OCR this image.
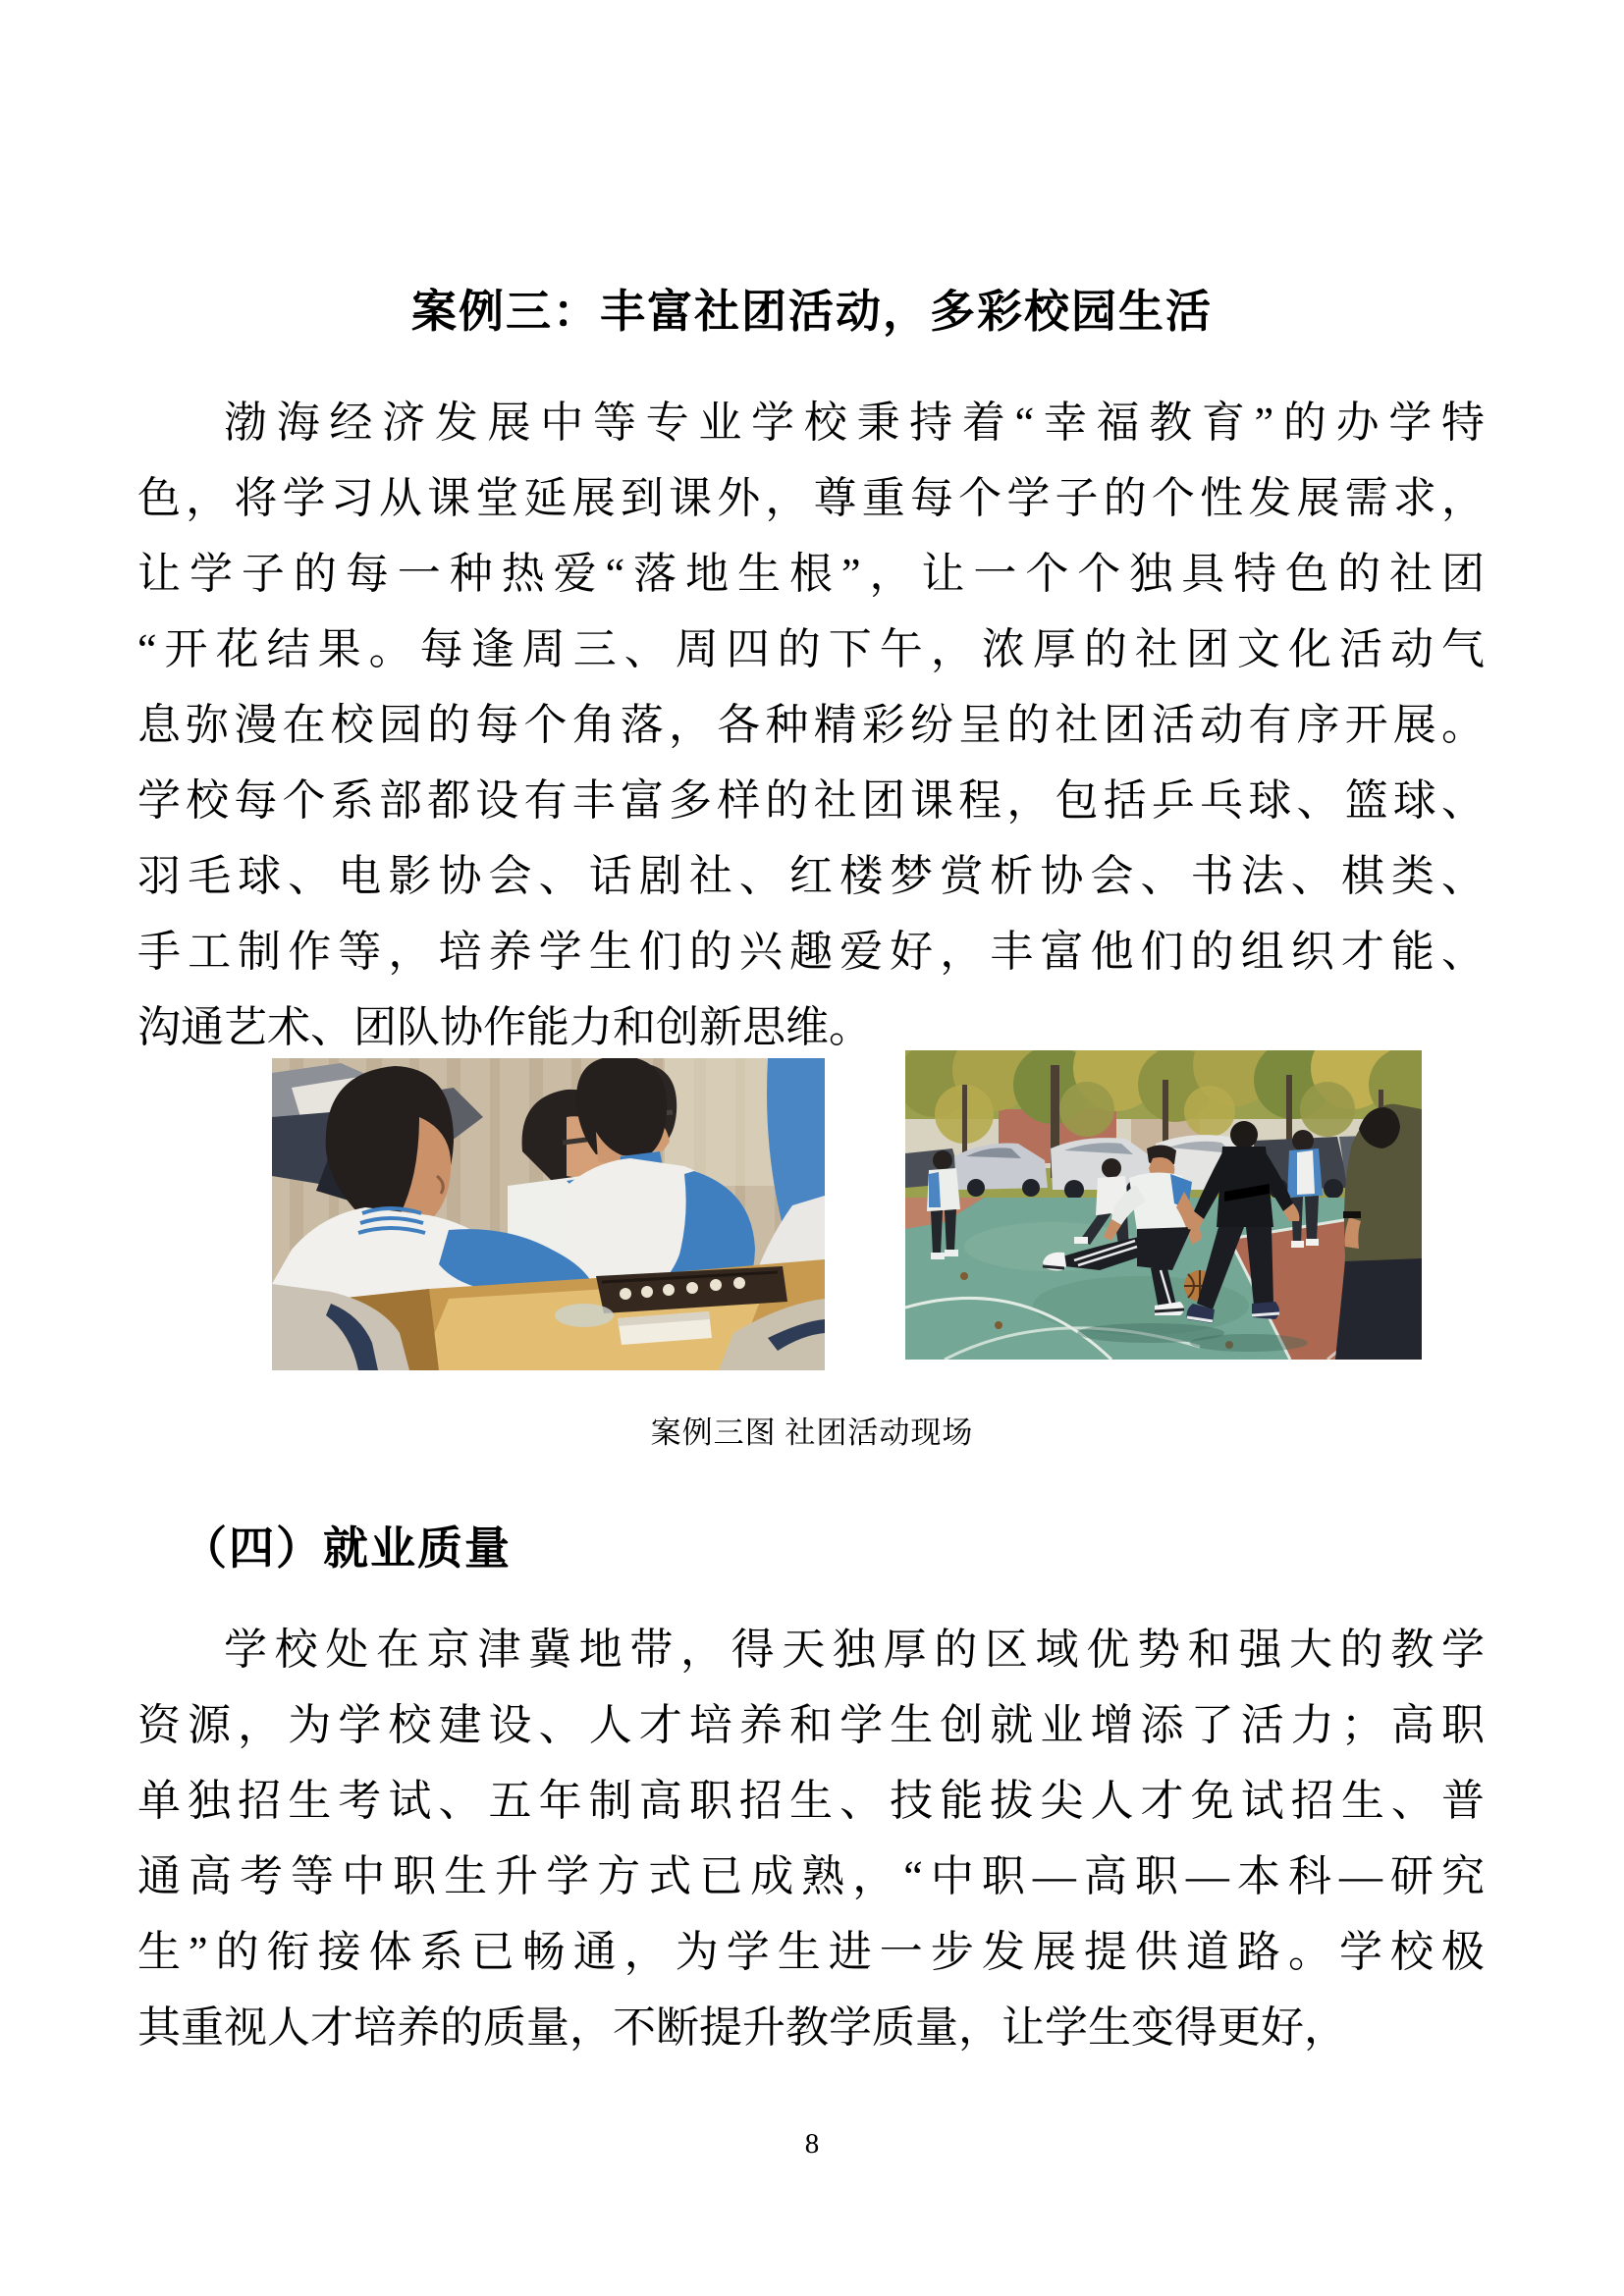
案例三：丰富社团活动，多彩校园生活
渤海经济发展中等专业学校秉持着“幸福教育”的办学特
色，将学习从课堂延展到课外，尊重每个学子的个性发展需求，
让学子的每一种热爱“落地生根”，让一个个独具特色的社团
“开花结果。每逢周三、周四的下午，浓厚的社团文化活动气
息弥漫在校园的每个角落，各种精彩纷呈的社团活动有序开展。
学校每个系部都设有丰富多样的社团课程，包括乒乓球、篮球、
羽毛球、电影协会、话剧社、红楼梦赏析协会、书法、棋类、
手工制作等，培养学生们的兴趣爱好，丰富他们的组织才能、
沟通艺术、团队协作能力和创新思维。
案例三图 社团活动现场
（四）就业质量
学校处在京津冀地带，得天独厚的区域优势和强大的教学
资源，为学校建设、人才培养和学生创就业增添了活力；高职
单独招生考试、五年制高职招生、技能拔尖人才免试招生、普
通高考等中职生升学方式已成熟，“中职—高职—本科—研究
生”的衔接体系已畅通，为学生进一步发展提供道路。学校极
其重视人才培养的质量，不断提升教学质量，让学生变得更好，
8
